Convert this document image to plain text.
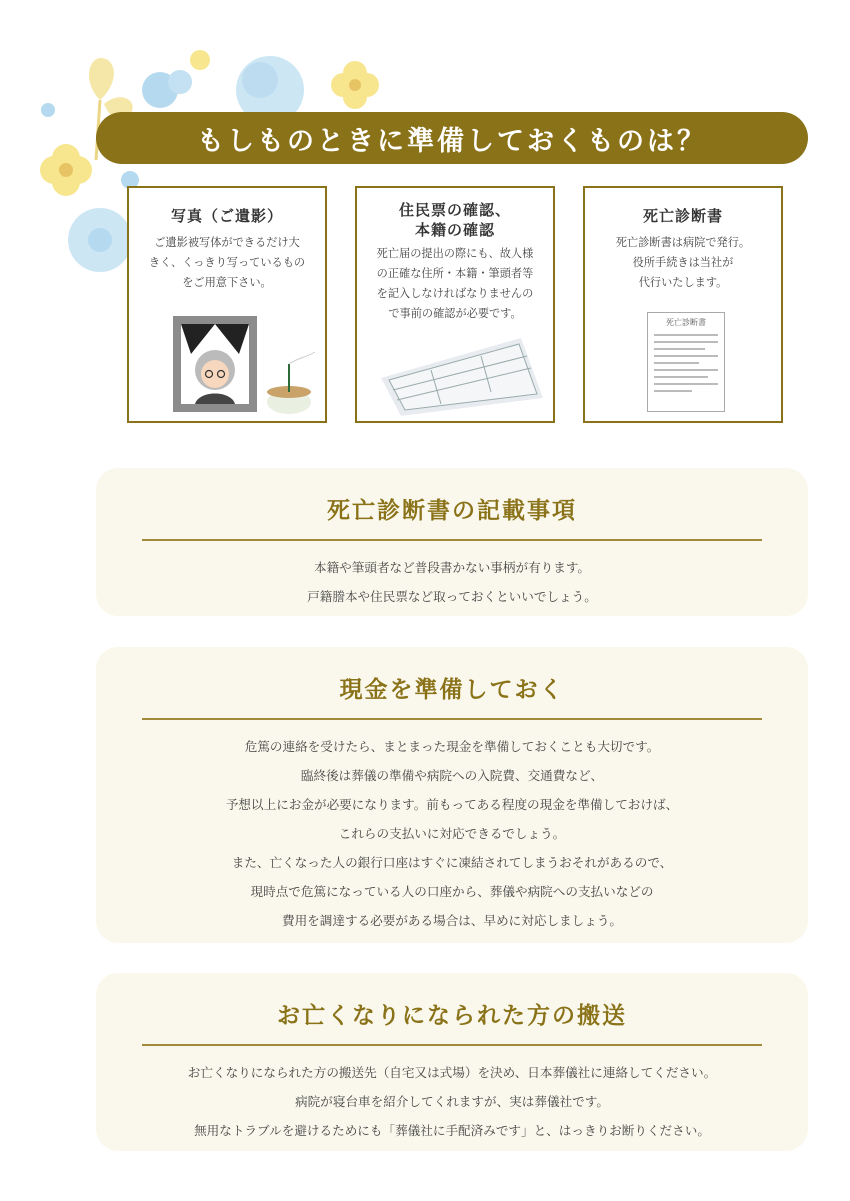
もしものときに準備しておくものは？
写真（ご遺影）
ご遺影被写体ができるだけ大
きく、くっきり写っているもの
をご用意下さい。
住民票の確認、
本籍の確認
死亡届の提出の際にも、故人様
の正確な住所・本籍・筆頭者等
を記入しなければなりませんの
で事前の確認が必要です。
死亡診断書
死亡診断書は病院で発行。
役所手続きは当社が
代行いたします。
死亡診断書
死亡診断書の記載事項
本籍や筆頭者など普段書かない事柄が有ります。
戸籍謄本や住民票など取っておくといいでしょう。
現金を準備しておく
危篤の連絡を受けたら、まとまった現金を準備しておくことも大切です。
臨終後は葬儀の準備や病院への入院費、交通費など、
予想以上にお金が必要になります。前もってある程度の現金を準備しておけば、
これらの支払いに対応できるでしょう。
また、亡くなった人の銀行口座はすぐに凍結されてしまうおそれがあるので、
現時点で危篤になっている人の口座から、葬儀や病院への支払いなどの
費用を調達する必要がある場合は、早めに対応しましょう。
お亡くなりになられた方の搬送
お亡くなりになられた方の搬送先（自宅又は式場）を決め、日本葬儀社に連絡してください。
病院が寝台車を紹介してくれますが、実は葬儀社です。
無用なトラブルを避けるためにも「葬儀社に手配済みです」と、はっきりお断りください。
